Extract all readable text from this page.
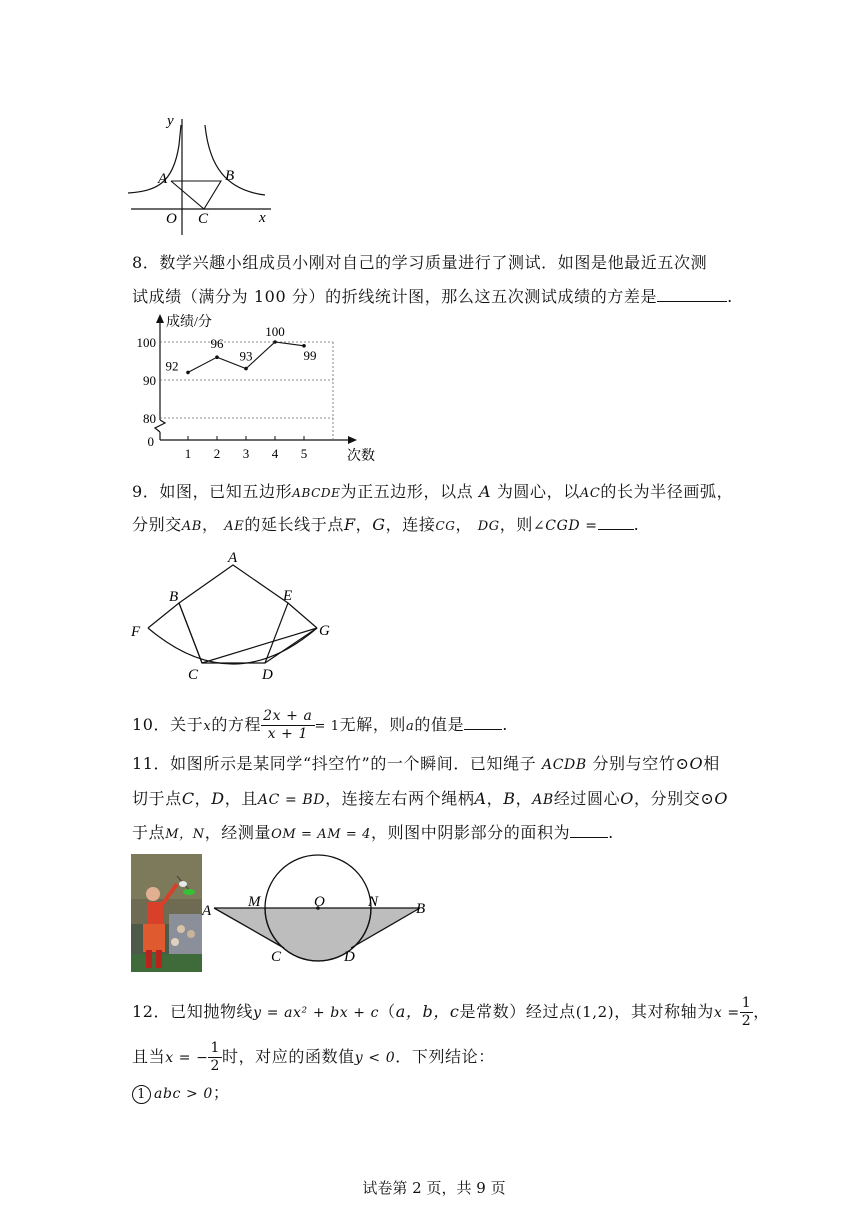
y
x
A	B
O C
8．数学兴趣小组成员小刚对自己的学习质量进行了测试．如图是他最近五次测
试成绩（满分为 100 分）的折线统计图，那么这五次测试成绩的方差是	.
80
90
100
1 2 3 4 5
0
成绩/分
次数
92
96
93
100
99
9．如图，已知五边形ABCDE为正五边形，以点 A 为圆心，以AC的长为半径画弧，
分别交AB， AE的延长线于点F，G，连接CG， DG，则∠CGD = .
A
B	E
F	G
C	D
10．关于x的方程 $\frac{2x + a}{x + 1} = 1$无解，则a的值是 .
11．如图所示是某同学“抖空竹”的一个瞬间．已知绳子 ACDB 分别与空竹⊙O相
切于点C，D，且AC = BD，连接左右两个绳柄A，B，AB经过圆心O，分别交⊙O
于点M，N，经测量OM = AM = 4，则图中阴影部分的面积为 .
A
M	O	N	B
C	D
12．已知抛物线y = ax² + bx + c（a，b，c是常数）经过点(1,2)，其对称轴为$x = \frac{1}{2}$ ，
且当x = − $\frac{1}{2}$ 时，对应的函数值y < 0．下列结论：
1 abc > 0；
试卷第 2 页，共 9 页
